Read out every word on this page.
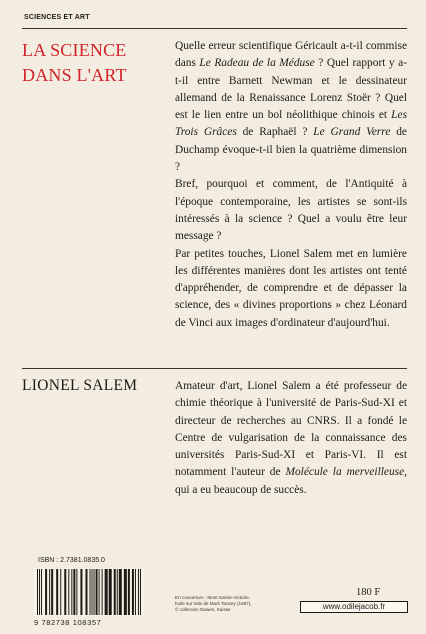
SCIENCES ET ART
LA SCIENCE
DANS L'ART

Quelle erreur scientifique Géricault a-t-il commise dans Le Radeau de la Méduse ? Quel rapport y a-t-il entre Barnett Newman et le dessinateur allemand de la Renaissance Lorenz Stoër ? Quel est le lien entre un bol néolithique chinois et Les Trois Grâces de Raphaël ? Le Grand Verre de Duchamp évoque-t-il bien la quatrième dimension ?

Bref, pourquoi et comment, de l'Antiquité à l'époque contemporaine, les artistes se sont-ils intéressés à la science ? Quel a voulu être leur message ?

Par petites touches, Lionel Salem met en lumière les différentes manières dont les artistes ont tenté d'appréhender, de comprendre et de dépasser la science, des « divines proportions » chez Léonard de Vinci aux images d'ordinateur d'aujourd'hui.

LIONEL SALEM	Amateur d'art, Lionel Salem a été professeur de chimie théorique à l'université de Paris-Sud-XI et directeur de recherches au CNRS. Il a fondé le Centre de vulgarisation de la connaissance des universités Paris-Sud-XI et Paris-VI. Il est notamment l'auteur de Molécule la merveilleuse, qui a eu beaucoup de succès.
ISBN : 2.7381.0835.0
9 782738 108357
En couverture : Mont Sainte-Victoire,
huile sur toile de Mark Tansey (1987),
© collection Dawes, Suisse
180 F
www.odilejacob.fr
